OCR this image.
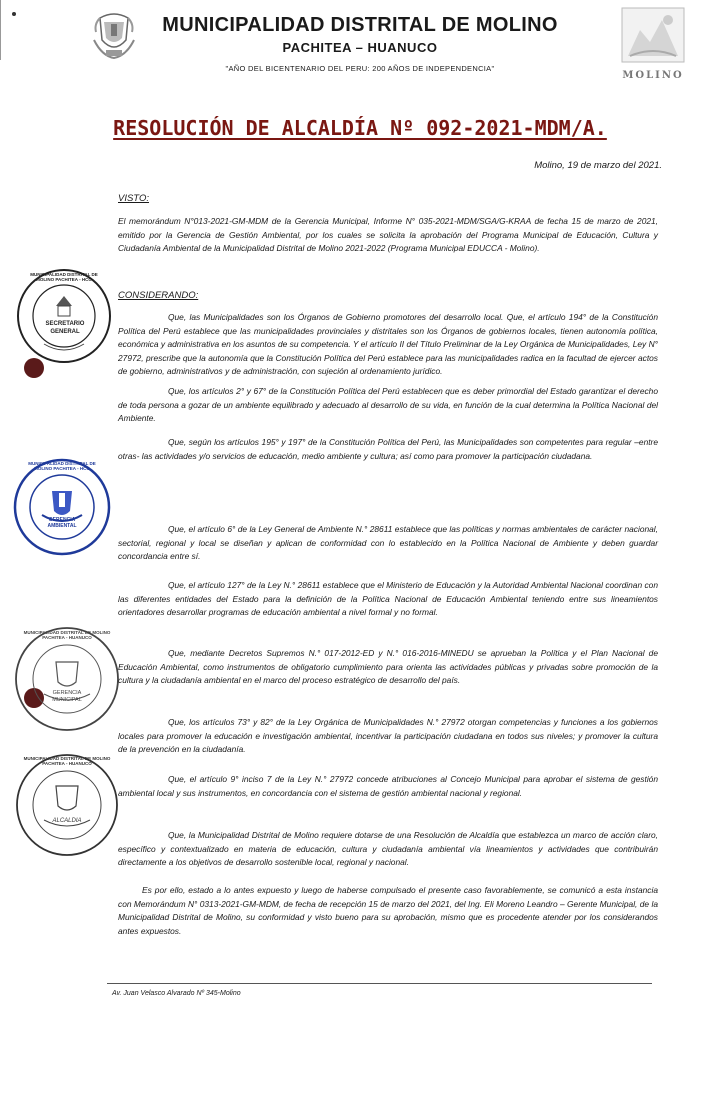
MOLINO
MUNICIPALIDAD DISTRITAL DE MOLINO
PACHITEA – HUANUCO
"AÑO DEL BICENTENARIO DEL PERU: 200 AÑOS DE INDEPENDENCIA"
RESOLUCIÓN DE ALCALDÍA Nº 092-2021-MDM/A.
Molino, 19 de marzo del 2021.
VISTO:
El memorándum N°013-2021-GM-MDM de la Gerencia Municipal, Informe N° 035-2021-MDM/SGA/G-KRAA de fecha 15 de marzo de 2021, emitido por la Gerencia de Gestión Ambiental, por los cuales se solicita la aprobación del Programa Municipal de Educación, Cultura y Ciudadanía Ambiental de la Municipalidad Distrital de Molino 2021-2022 (Programa Municipal EDUCCA - Molino).
CONSIDERANDO:
Que, las Municipalidades son los Órganos de Gobierno promotores del desarrollo local. Que, el artículo 194° de la Constitución Política del Perú establece que las municipalidades provinciales y distritales son los Órganos de gobiernos locales, tienen autonomía política, económica y administrativa en los asuntos de su competencia. Y el artículo II del Título Preliminar de la Ley Orgánica de Municipalidades, Ley N° 27972, prescribe que la autonomía que la Constitución Política del Perú establece para las municipalidades radica en la facultad de ejercer actos de gobierno, administrativos y de administración, con sujeción al ordenamiento jurídico.
Que, los artículos 2° y 67° de la Constitución Política del Perú establecen que es deber primordial del Estado garantizar el derecho de toda persona a gozar de un ambiente equilibrado y adecuado al desarrollo de su vida, en función de la cual determina la Política Nacional del Ambiente.
Que, según los artículos 195° y 197° de la Constitución Política del Perú, las Municipalidades son competentes para regular –entre otras- las actividades y/o servicios de educación, medio ambiente y cultura; así como para promover la participación ciudadana.
Que, el artículo 6° de la Ley General de Ambiente N.° 28611 establece que las políticas y normas ambientales de carácter nacional, sectorial, regional y local se diseñan y aplican de conformidad con lo establecido en la Política Nacional de Ambiente y deben guardar concordancia entre sí.
Que, el artículo 127° de la Ley N.° 28611 establece que el Ministerio de Educación y la Autoridad Ambiental Nacional coordinan con las diferentes entidades del Estado para la definición de la Política Nacional de Educación Ambiental teniendo entre sus lineamientos orientadores desarrollar programas de educación ambiental a nivel formal y no formal.
Que, mediante Decretos Supremos N.° 017-2012-ED y N.° 016-2016-MINEDU se aprueban la Política y el Plan Nacional de Educación Ambiental, como instrumentos de obligatorio cumplimiento para orienta las actividades públicas y privadas sobre promoción de la cultura y la ciudadanía ambiental en el marco del proceso estratégico de desarrollo del país.
Que, los artículos 73° y 82° de la Ley Orgánica de Municipalidades N.° 27972 otorgan competencias y funciones a los gobiernos locales para promover la educación e investigación ambiental, incentivar la participación ciudadana en todos sus niveles; y promover la cultura de la prevención en la ciudadanía.
Que, el artículo 9° inciso 7 de la Ley N.° 27972 concede atribuciones al Concejo Municipal para aprobar el sistema de gestión ambiental local y sus instrumentos, en concordancia con el sistema de gestión ambiental nacional y regional.
Que, la Municipalidad Distrital de Molino requiere dotarse de una Resolución de Alcaldía que establezca un marco de acción claro, específico y contextualizado en materia de educación, cultura y ciudadanía ambiental vía lineamientos y actividades que contribuirán directamente a los objetivos de desarrollo sostenible local, regional y nacional.
Es por ello, estado a lo antes expuesto y luego de haberse compulsado el presente caso favorablemente, se comunicó a esta instancia con Memorándum N° 0313-2021-GM-MDM, de fecha de recepción 15 de marzo del 2021, del Ing. Eli Moreno Leandro – Gerente Municipal, de la Municipalidad Distrital de Molino, su conformidad y visto bueno para su aprobación, mismo que es procedente atender por los considerandos antes expuestos.
Av. Juan Velasco Alvarado Nº 345-Molino
SECRETARIO GENERAL
MUNICIPALIDAD DISTRITAL DE MOLINO PACHITEA - HCO
GERENCIA AMBIENTAL
MUNICIPALIDAD DISTRITAL DE MOLINO PACHITEA - HCO
GERENCIA MUNICIPAL
MUNICIPALIDAD DISTRITAL DE MOLINO PACHITEA - HUANUCO
ALCALDIA
MUNICIPALIDAD DISTRITAL DE MOLINO PACHITEA - HUANUCO
